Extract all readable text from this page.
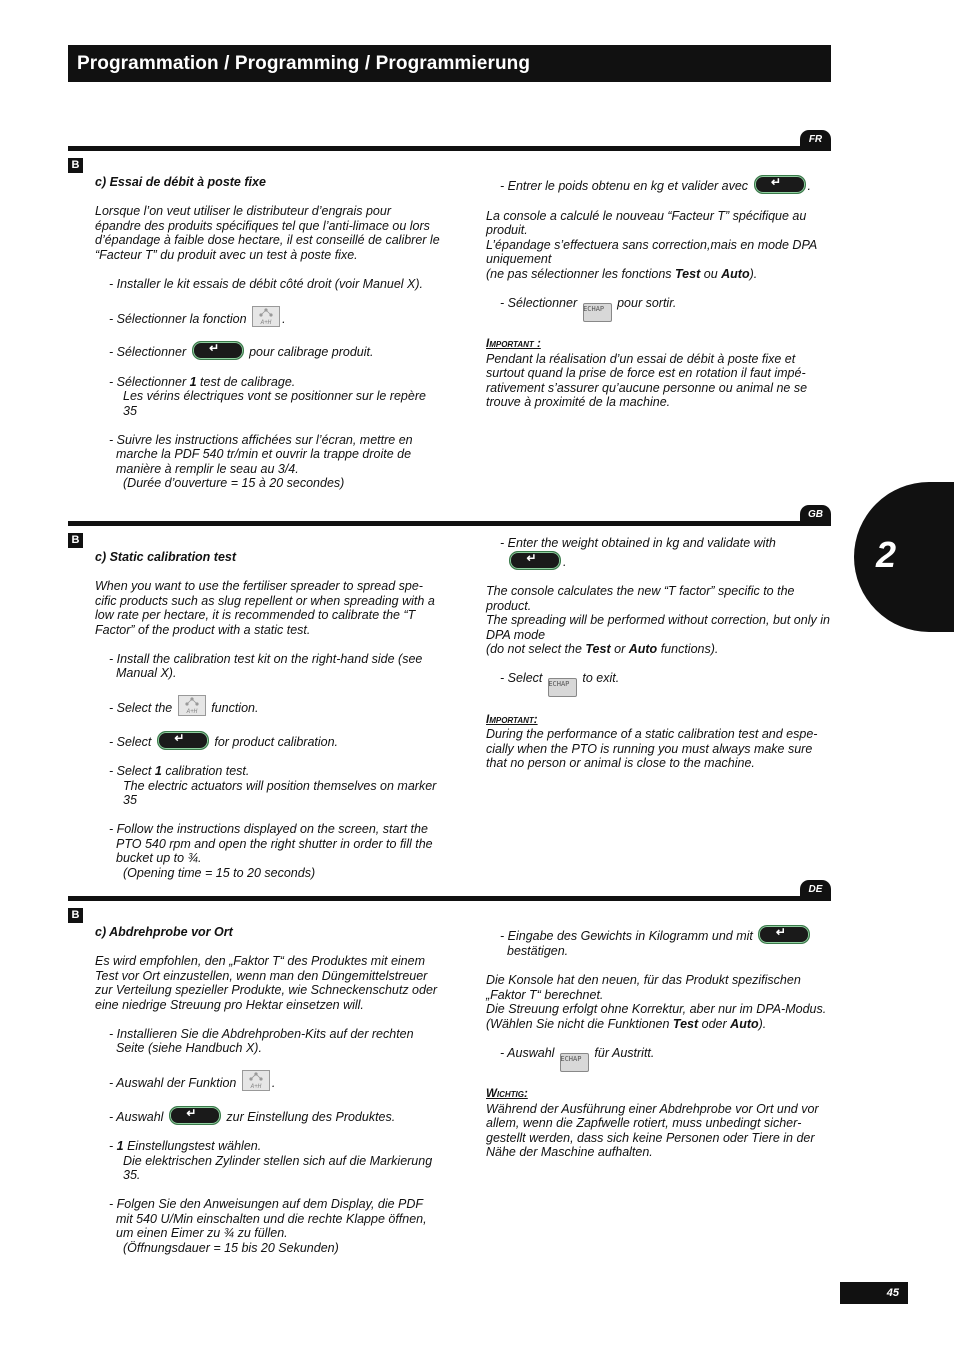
Programmation / Programming / Programmierung
2
FR
B

c) Essai de débit à poste fixe

Lorsque l’on veut utiliser le distributeur d’engrais pour épandre des produits spécifiques tel que l’anti-limace ou lors d’épandage à faible dose hectare, il est conseillé de calibrer le “Facteur T” du produit avec un test à poste fixe.

- Installer le kit essais de débit côté droit (voir Manuel X).

- Sélectionner la fonction A+H .

- Sélectionner ↵	pour calibrage produit.

- Sélectionner 1 test de calibrage.
Les vérins électriques vont se positionner sur le repère 35

- Suivre les instructions affichées sur l’écran, mettre en marche la PDF 540 tr/min et ouvrir la trappe droite de manière à remplir le seau au 3/4.
(Durée d’ouverture = 15 à 20 secondes)

- Entrer le poids obtenu en kg et valider avec ↵	.

La console a calculé le nouveau “Facteur T” spécifique au produit.
L’épandage s’effectuera sans correction,mais en mode DPA uniquement
(ne pas sélectionner les fonctions Test ou Auto).

- Sélectionner ECHAP pour sortir.

Important :

Pendant la réalisation d’un essai de débit à poste fixe et surtout quand la prise de force est en rotation il faut impérativement s’assurer qu’aucune personne ou animal ne se trouve à proximité de la machine.

GB
B

c) Static calibration test

When you want to use the fertiliser spreader to spread specific products such as slug repellent or when spreading with a low rate per hectare, it is recommended to calibrate the “T Factor” of the product with a static test.

- Install the calibration test kit on the right-hand side (see Manual X).

- Select the A+H function.

- Select ↵	for product calibration.

- Select 1 calibration test.
The electric actuators will position themselves on marker 35

- Follow the instructions displayed on the screen, start the PTO 540 rpm and open the right shutter in order to fill the bucket up to ¾.
(Opening time = 15 to 20 seconds)

- Enter the weight obtained in kg and validate with ↵.

The console calculates the new “T factor” specific to the product.
The spreading will be performed without correction, but only in DPA mode
(do not select the Test or Auto functions).

- Select ECHAP to exit.

Important:

During the performance of a static calibration test and especially when the PTO is running you must always make sure that no person or animal is close to the machine.

DE
B

c) Abdrehprobe vor Ort

Es wird empfohlen, den „Faktor T“ des Produktes mit einem Test vor Ort einzustellen, wenn man den Düngemittelstreuer zur Verteilung spezieller Produkte, wie Schneckenschutz oder eine niedrige Streuung pro Hektar einsetzen will.

- Installieren Sie die Abdrehproben-Kits auf der rechten Seite (siehe Handbuch X).

- Auswahl der Funktion A+H .

- Auswahl ↵	zur Einstellung des Produktes.

- 1 Einstellungstest wählen.
Die elektrischen Zylinder stellen sich auf die Markierung 35.

- Folgen Sie den Anweisungen auf dem Display, die PDF mit 540 U/Min einschalten und die rechte Klappe öffnen, um einen Eimer zu ¾ zu füllen.
(Öffnungsdauer = 15 bis 20 Sekunden)

- Eingabe des Gewichts in Kilogramm und mit ↵ bestätigen.

Die Konsole hat den neuen, für das Produkt spezifischen „Faktor T“ berechnet.
Die Streuung erfolgt ohne Korrektur, aber nur im DPA-Modus.
(Wählen Sie nicht die Funktionen Test oder Auto).

- Auswahl ECHAP für Austritt.

Wichtig:

Während der Ausführung einer Abdrehprobe vor Ort und vor allem, wenn die Zapfwelle rotiert, muss unbedingt sichergestellt werden, dass sich keine Personen oder Tiere in der Nähe der Maschine aufhalten.

45
